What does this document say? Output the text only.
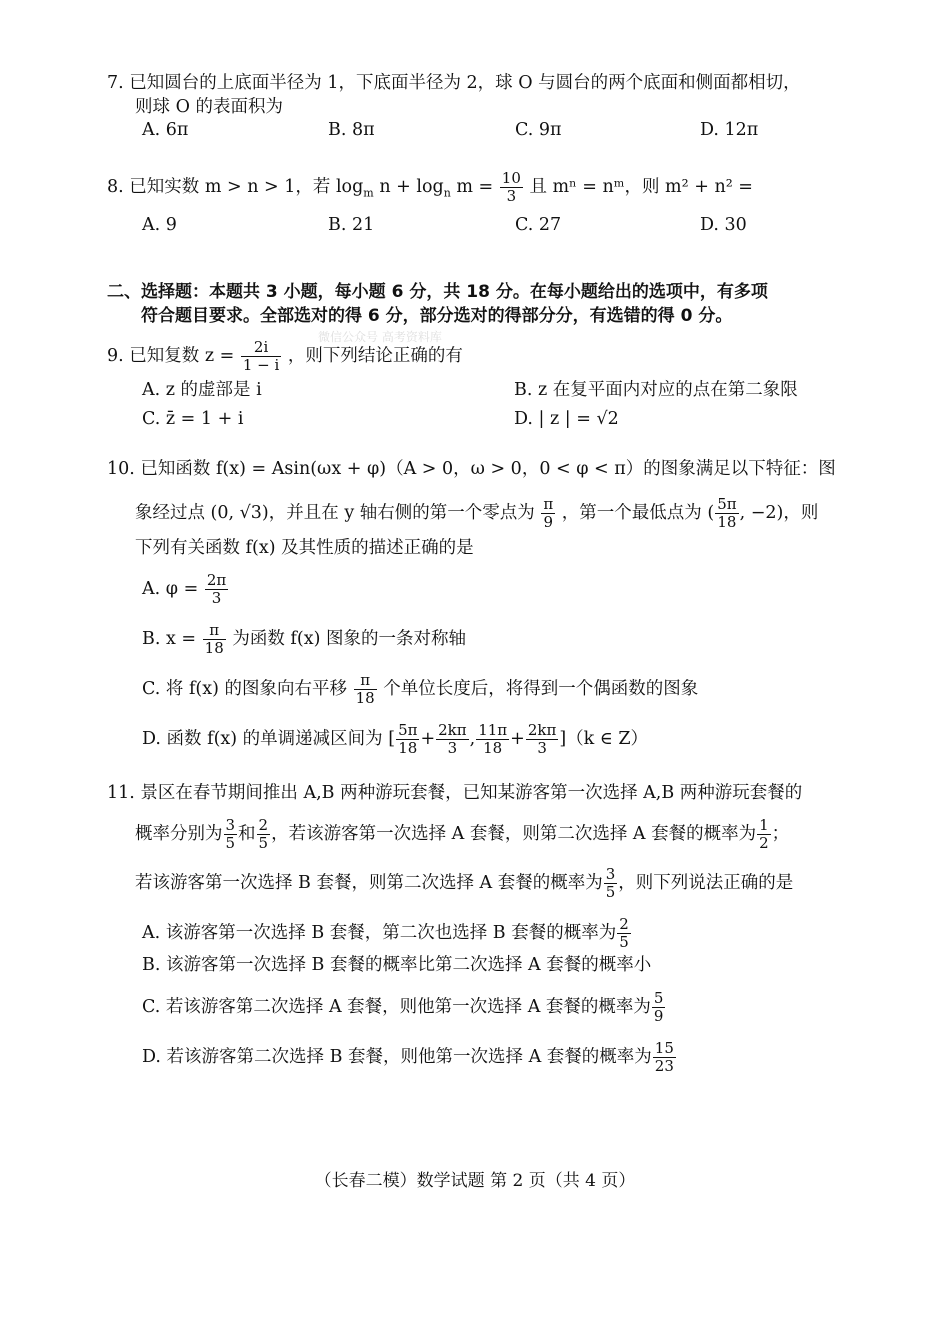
7. 已知圆台的上底面半径为 1，下底面半径为 2，球 O 与圆台的两个底面和侧面都相切，
则球 O 的表面积为
A. 6π	B. 8π	C. 9π	D. 12π
8. 已知实数 m > n > 1，若 $\log_m n + \log_n m = \frac{10}{3}$ 且 mⁿ = nᵐ，则 m² + n² =
A. 9	B. 21	C. 27	D. 30
二、选择题：本题共 3 小题，每小题 6 分，共 18 分。在每小题给出的选项中，有多项
符合题目要求。全部选对的得 6 分，部分选对的得部分分，有选错的得 0 分。
微信公众号 高考资料库
9. 已知复数 $z = \frac{2i}{1 - i}$ ，则下列结论正确的有
A. z 的虚部是 i	B. z 在复平面内对应的点在第二象限
C. z̄ = 1 + i	D. | z | = √2
10. 已知函数 f(x) = Asin(ωx + φ)（A > 0，ω > 0，0 < φ < π）的图象满足以下特征：图
象经过点 (0, √3)，并且在 y 轴右侧的第一个零点为 $\frac{\pi}{9}$ ，第一个最低点为 ( $\frac{5\pi}{18}$ , −2)，则
下列有关函数 f(x) 及其性质的描述正确的是
A. $\varphi = \frac{2\pi}{3}$
B. $x = \frac{\pi}{18}$ 为函数 f(x) 图象的一条对称轴
C. 将 f(x) 的图象向右平移 $\frac{\pi}{18}$ 个单位长度后，将得到一个偶函数的图象
D. 函数 f(x) 的单调递减区间为 [ $\frac{5\pi}{18} + \frac{2k\pi}{3}$ , $\frac{11\pi}{18} + \frac{2k\pi}{3} ](k$ ∈ Z）
11. 景区在春节期间推出 A,B 两种游玩套餐，已知某游客第一次选择 A,B 两种游玩套餐的
概率分别为 $\frac{3}{5}$ 和 $\frac{2}{5}$ ，若该游客第一次选择 A 套餐，则第二次选择 A 套餐的概率为 $\frac{1}{2}$ ；
若该游客第一次选择 B 套餐，则第二次选择 A 套餐的概率为 $\frac{3}{5}$ ，则下列说法正确的是
A. 该游客第一次选择 B 套餐，第二次也选择 B 套餐的概率为 $\frac{2}{5}$
B. 该游客第一次选择 B 套餐的概率比第二次选择 A 套餐的概率小
C. 若该游客第二次选择 A 套餐，则他第一次选择 A 套餐的概率为 $\frac{5}{9}$
D. 若该游客第二次选择 B 套餐，则他第一次选择 A 套餐的概率为 $\frac{15}{23}$
（长春二模）数学试题 第 2 页（共 4 页）
